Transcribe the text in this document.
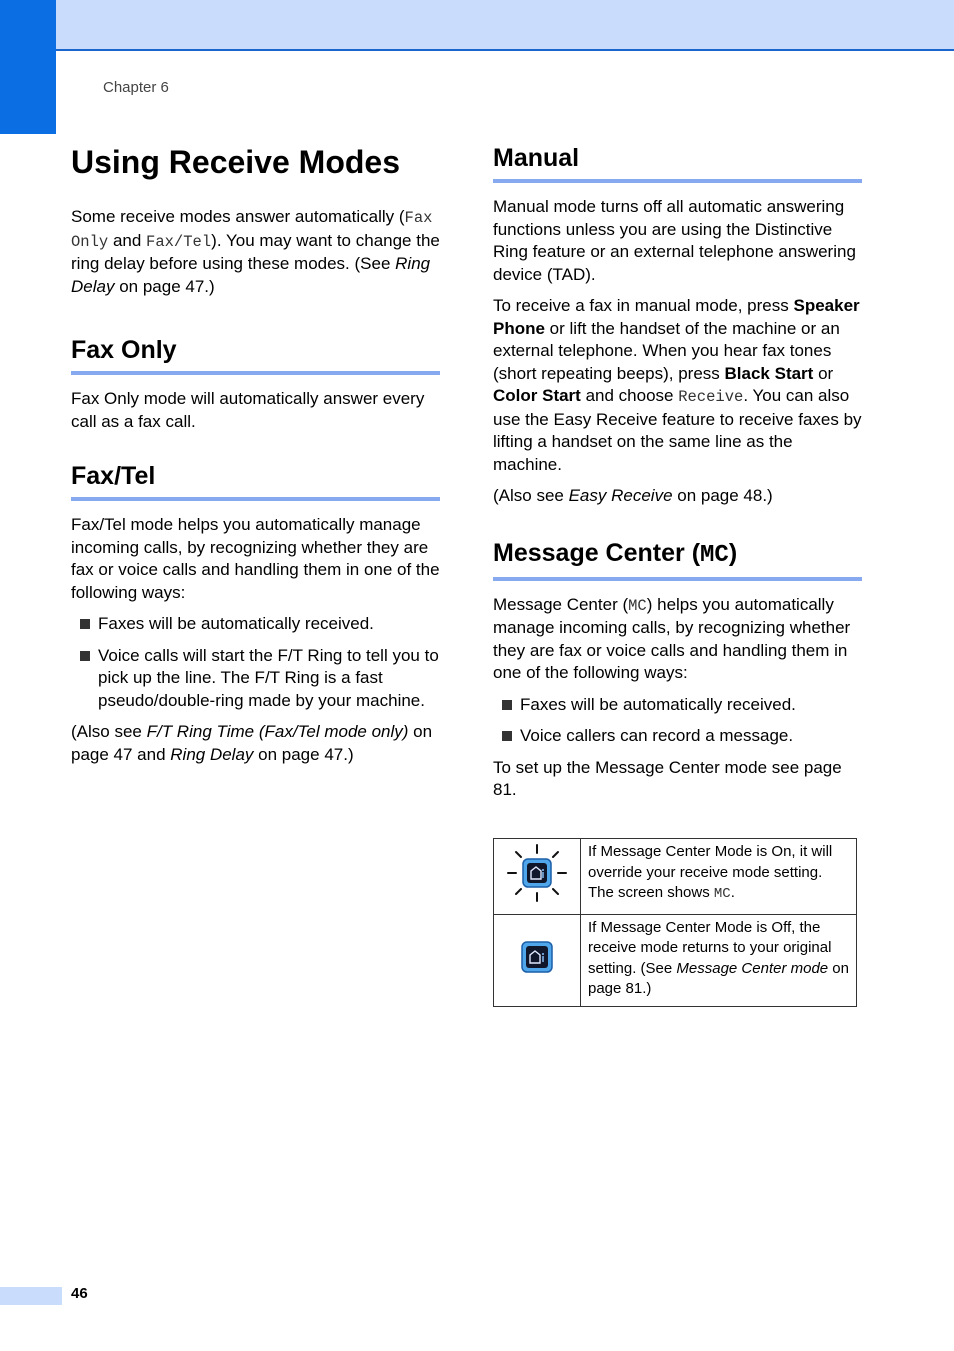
Chapter 6
Using Receive Modes

Some receive modes answer automatically (Fax Only and Fax/Tel). You may want to change the ring delay before using these modes. (See Ring Delay on page 47.)

Fax Only

Fax Only mode will automatically answer every call as a fax call.

Fax/Tel

Fax/Tel mode helps you automatically manage incoming calls, by recognizing whether they are fax or voice calls and handling them in one of the following ways:

Faxes will be automatically received.
Voice calls will start the F/T Ring to tell you to pick up the line. The F/T Ring is a fast pseudo/double-ring made by your machine.

(Also see F/T Ring Time (Fax/Tel mode only) on page 47 and Ring Delay on page 47.)

Manual

Manual mode turns off all automatic answering functions unless you are using the Distinctive Ring feature or an external telephone answering device (TAD).

To receive a fax in manual mode, press Speaker Phone or lift the handset of the machine or an external telephone. When you hear fax tones (short repeating beeps), press Black Start or Color Start and choose Receive. You can also use the Easy Receive feature to receive faxes by lifting a handset on the same line as the machine.

(Also see Easy Receive on page 48.)

Message Center (MC)

Message Center (MC) helps you automatically manage incoming calls, by recognizing whether they are fax or voice calls and handling them in one of the following ways:

Faxes will be automatically received.
Voice callers can record a message.

To set up the Message Center mode see page 81.

	If Message Center Mode is On, it will override your receive mode setting. The screen shows MC.
	If Message Center Mode is Off, the receive mode returns to your original setting. (See Message Center mode on page 81.)
46
